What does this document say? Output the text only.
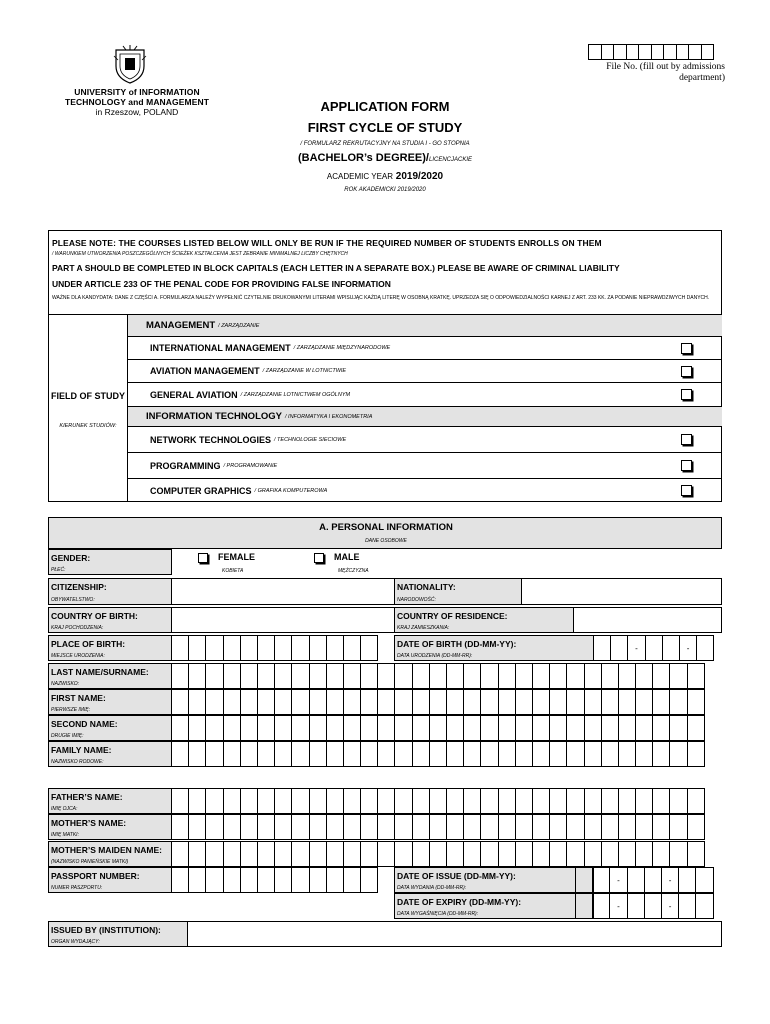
File No. (fill out by admissions department)
UNIVERSITY of INFORMATION
TECHNOLOGY and MANAGEMENT
in Rzeszow, POLAND	APPLICATION FORM
FIRST CYCLE OF STUDY
/ FORMULARZ REKRUTACYJNY NA STUDIA I - GO STOPNIA
(BACHELOR’s DEGREE)/LICENCJACKIE
ACADEMIC YEAR 2019/2020
ROK AKADEMICKI 2019/2020
PLEASE NOTE: THE COURSES LISTED BELOW WILL ONLY BE RUN IF THE REQUIRED NUMBER OF STUDENTS ENROLLS ON THEM
/ WARUNKIEM UTWORZENIA POSZCZEGÓLNYCH ŚCIEŻEK KSZTAŁCENIA JEST ZEBRANIE MINIMALNEJ LICZBY CHĘTNYCH
PART A SHOULD BE COMPLETED IN BLOCK CAPITALS (EACH LETTER IN A SEPARATE BOX.) PLEASE BE AWARE OF CRIMINAL LIABILITY
UNDER ARTICLE 233 OF THE PENAL CODE FOR PROVIDING FALSE INFORMATION
WAŻNE DLA KANDYDATA: DANE Z CZĘŚCI A. FORMULARZA NALEŻY WYPEŁNIĆ CZYTELNIE DRUKOWANYMI LITERAMI WPISUJĄC KAŻDĄ LITERĘ W OSOBNĄ KRATKĘ. UPRZEDZA SIĘ O ODPOWIEDZIALNOŚCI KARNEJ Z ART. 233 KK. ZA PODANIE NIEPRAWDZIWYCH DANYCH.
FIELD OF STUDY
KIERUNEK STUDIÓW:
A. PERSONAL INFORMATION
DANE OSOBOWE
MANAGEMENT / ZARZĄDZANIE
INTERNATIONAL MANAGEMENT / ZARZĄDZANIE MIĘDZYNARODOWE
AVIATION MANAGEMENT / ZARZĄDZANIE W LOTNICTWIE
GENERAL AVIATION / ZARZĄDZANIE LOTNICTWEM OGÓLNYM
INFORMATION TECHNOLOGY / INFORMATYKA I EKONOMETRIA
NETWORK TECHNOLOGIES / TECHNOLOGIE SIECIOWE
PROGRAMMING / PROGRAMOWANIE
COMPUTER GRAPHICS / GRAFIKA KOMPUTEROWA
GENDER:
PŁEĆ:
FEMALE
KOBIETA
MALE
MĘŻCZYZNA
CITIZENSHIP:
OBYWATELSTWO:
NATIONALITY:
NARODOWOŚĆ:
COUNTRY OF BIRTH:
KRAJ POCHODZENIA:
COUNTRY OF RESIDENCE:
KRAJ ZAMIESZKANIA:
PLACE OF BIRTH:
MIEJSCE URODZENIA:
DATE OF BIRTH (DD-MM-YY):
DATA URODZENIA (DD-MM-RR):
-	-
LAST NAME/SURNAME:
NAZWISKO:
FIRST NAME:
PIERWSZE IMIĘ:
SECOND NAME:
DRUGIE IMIĘ:
FAMILY NAME:
NAZWISKO RODOWE:
FATHER’S NAME:
IMIĘ OJCA:
MOTHER’S NAME:
IMIĘ MATKI:
MOTHER’S MAIDEN NAME:
(NAZWISKO PANIEŃSKIE MATKI)
PASSPORT NUMBER:
NUMER PASZPORTU:
DATE OF ISSUE (DD-MM-YY):
DATA WYDANIA (DD-MM-RR):
-	-
DATE OF EXPIRY (DD-MM-YY):
DATA WYGAŚNIĘCIA (DD-MM-RR):
-	-
ISSUED BY (INSTITUTION):
ORGAN WYDAJĄCY:
